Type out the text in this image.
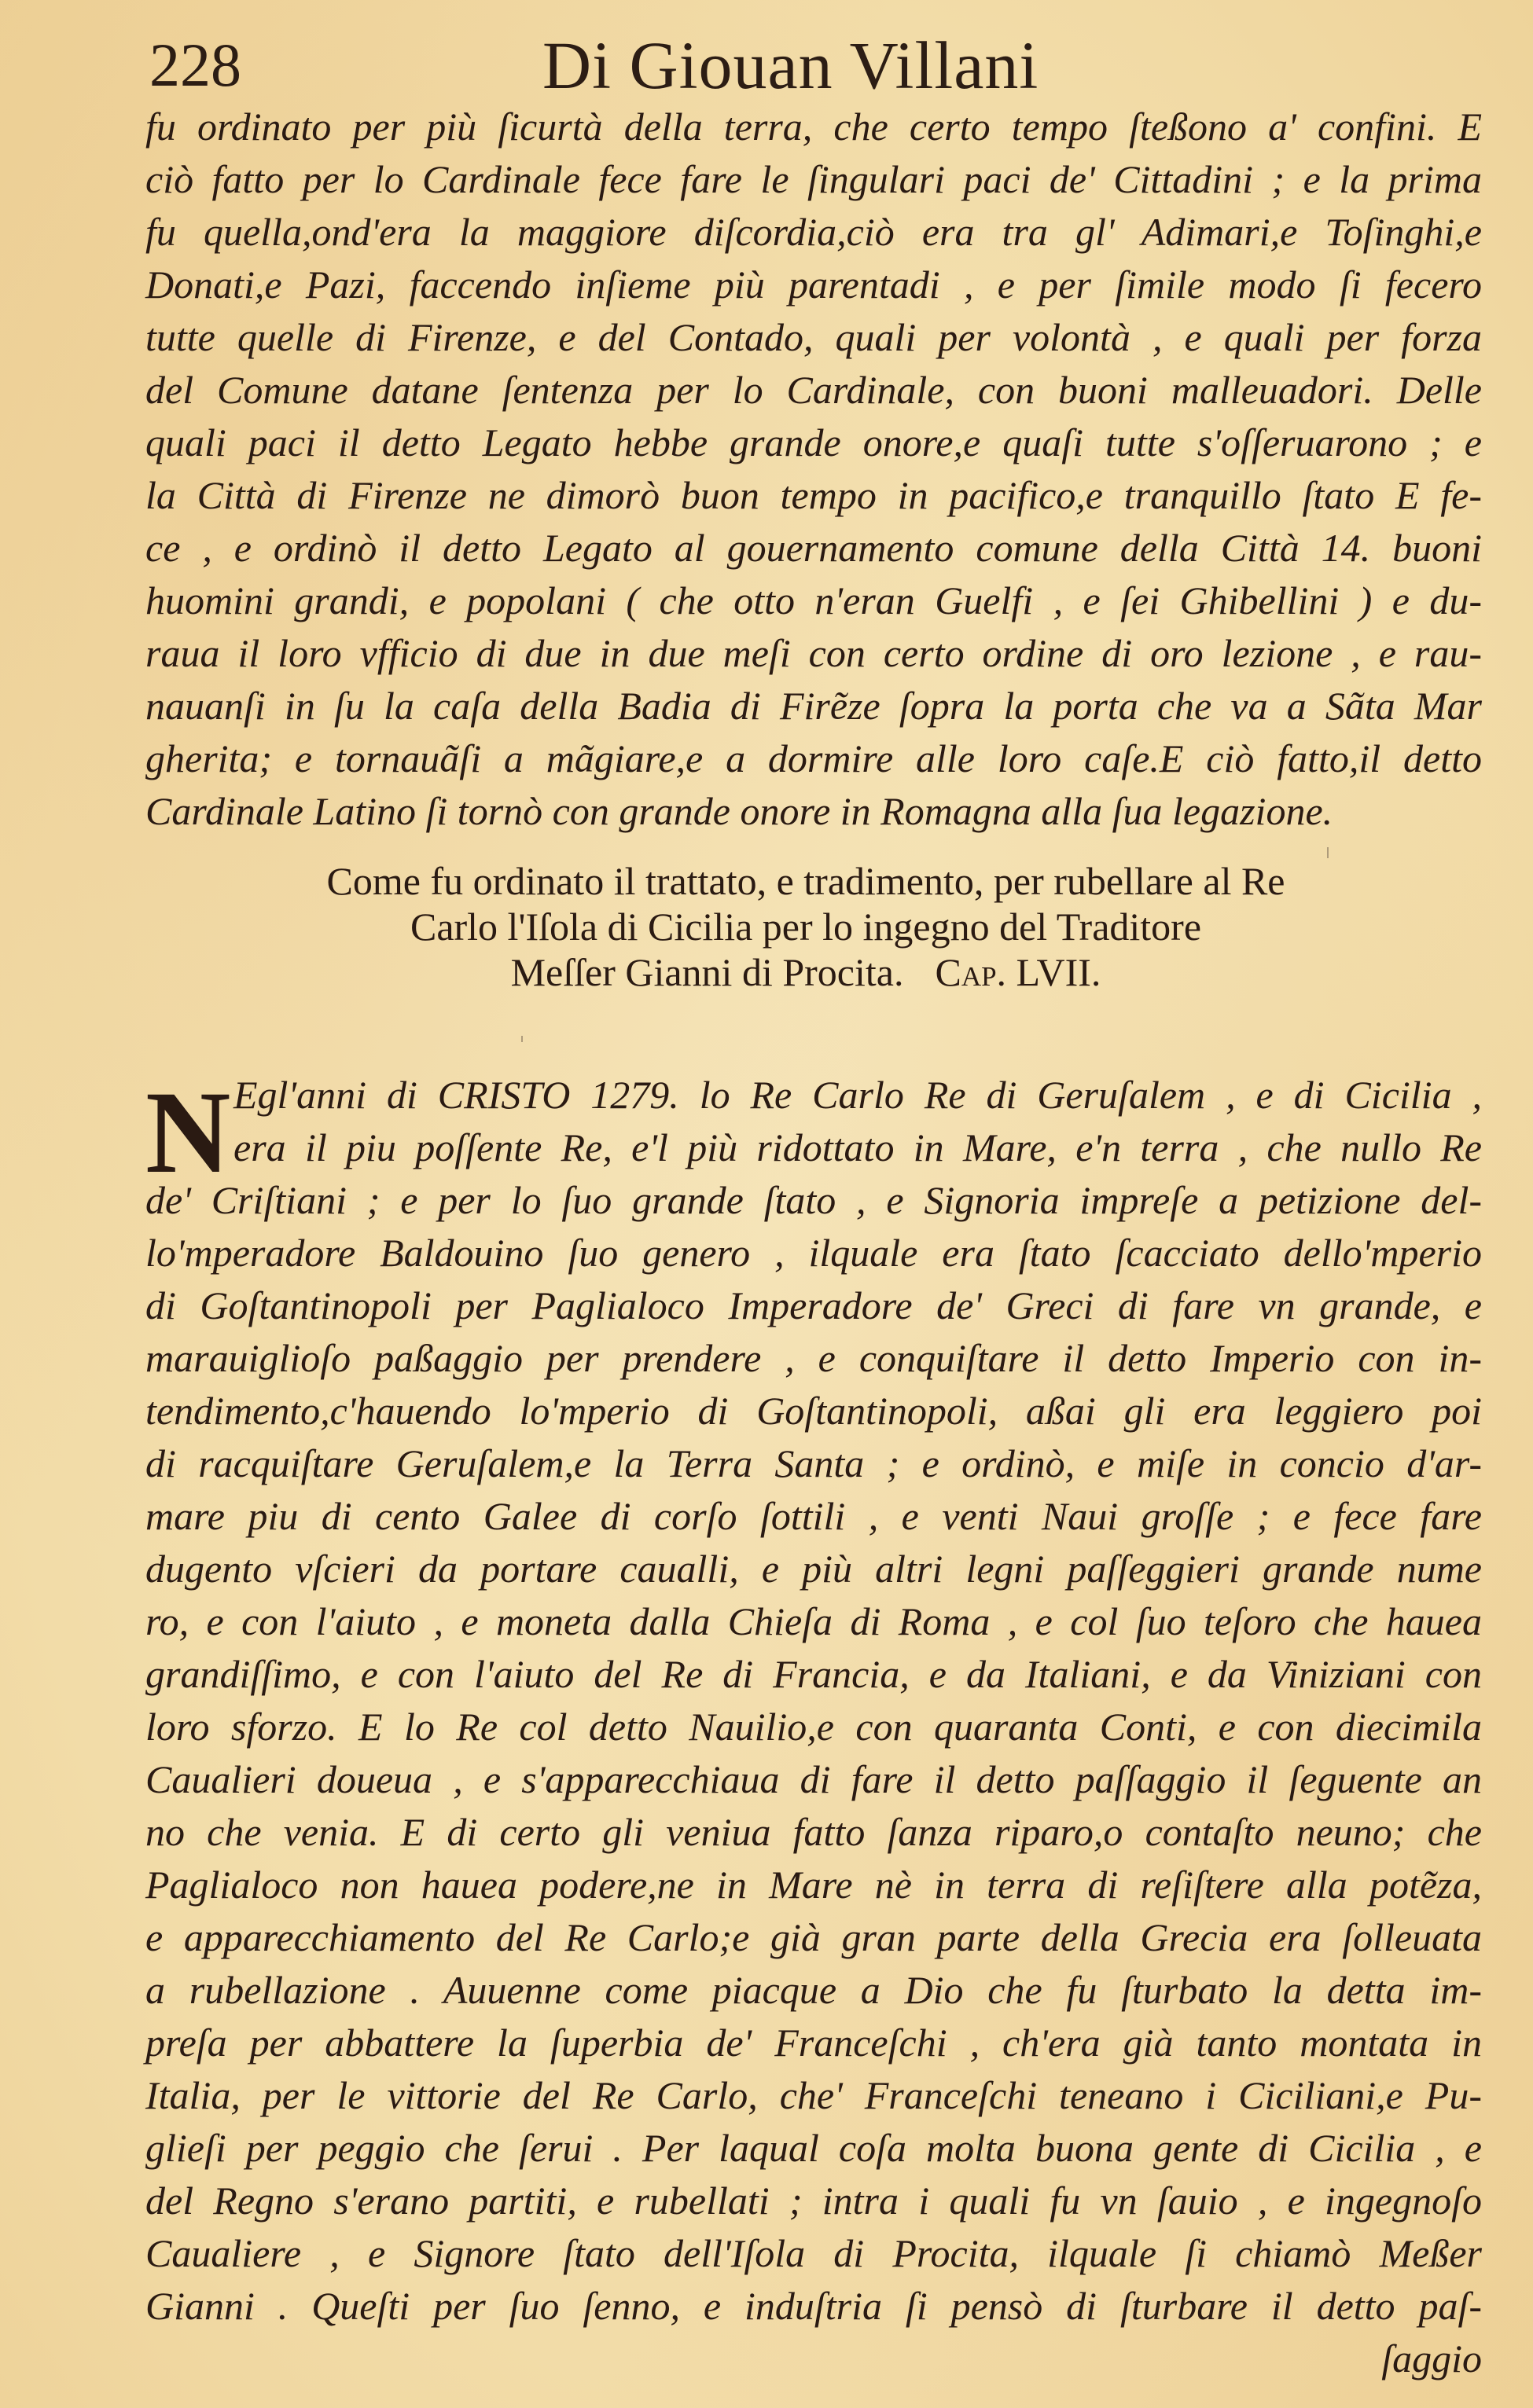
228	Di Giouan Villani
fu ordinato per più ſicurtà della terra, che certo tempo ſteßono a' confini. E
ciò fatto per lo Cardinale fece fare le ſingulari paci de' Cittadini ; e la prima
fu quella,ond'era la maggiore diſcordia,ciò era tra gl' Adimari,e Toſinghi,e
Donati,e Pazi, faccendo inſieme più parentadi , e per ſimile modo ſi fecero
tutte quelle di Firenze, e del Contado, quali per volontà , e quali per forza
del Comune datane ſentenza per lo Cardinale, con buoni malleuadori. Delle
quali paci il detto Legato hebbe grande onore,e quaſi tutte s'oſſeruarono ; e
la Città di Firenze ne dimorò buon tempo in pacifico,e tranquillo ſtato E fe-
ce , e ordinò il detto Legato al gouernamento comune della Città 14. buoni
huomini grandi, e popolani ( che otto n'eran Guelfi , e ſei Ghibellini ) e du-
raua il loro vfficio di due in due meſi con certo ordine di oro lezione , e rau-
nauanſi in ſu la caſa della Badia di Firẽze ſopra la porta che va a Sãta Mar
gherita; e tornauãſi a mãgiare,e a dormire alle loro caſe.E ciò fatto,il detto
Cardinale Latino ſi tornò con grande onore in Romagna alla ſua legazione.
Come fu ordinato il trattato, e tradimento, per rubellare al Re
Carlo l'Iſola di Cicilia per lo ingegno del Traditore
Meſſer Gianni di Procita. Cap. LVII.
N Egl'anni di CRISTO 1279. lo Re Carlo Re di Geruſalem , e di Cicilia ,
era il piu poſſente Re, e'l più ridottato in Mare, e'n terra , che nullo Re
de' Criſtiani ; e per lo ſuo grande ſtato , e Signoria impreſe a petizione del-
lo'mperadore Baldouino ſuo genero , ilquale era ſtato ſcacciato dello'mperio
di Goſtantinopoli per Paglialoco Imperadore de' Greci di fare vn grande, e
marauiglioſo paßaggio per prendere , e conquiſtare il detto Imperio con in-
tendimento,c'hauendo lo'mperio di Goſtantinopoli, aßai gli era leggiero poi
di racquiſtare Geruſalem,e la Terra Santa ; e ordinò, e miſe in concio d'ar-
mare piu di cento Galee di corſo ſottili , e venti Naui groſſe ; e fece fare
dugento vſcieri da portare caualli, e più altri legni paſſeggieri grande nume
ro, e con l'aiuto , e moneta dalla Chieſa di Roma , e col ſuo teſoro che hauea
grandiſſimo, e con l'aiuto del Re di Francia, e da Italiani, e da Viniziani con
loro sforzo. E lo Re col detto Nauilio,e con quaranta Conti, e con diecimila
Caualieri doueua , e s'apparecchiaua di fare il detto paſſaggio il ſeguente an
no che venia. E di certo gli veniua fatto ſanza riparo,o contaſto neuno; che
Paglialoco non hauea podere,ne in Mare nè in terra di reſiſtere alla potẽza,
e apparecchiamento del Re Carlo;e già gran parte della Grecia era ſolleuata
a rubellazione . Auuenne come piacque a Dio che fu ſturbato la detta im-
preſa per abbattere la ſuperbia de' Franceſchi , ch'era già tanto montata in
Italia, per le vittorie del Re Carlo, che' Franceſchi teneano i Ciciliani,e Pu-
glieſi per peggio che ſerui . Per laqual coſa molta buona gente di Cicilia , e
del Regno s'erano partiti, e rubellati ; intra i quali fu vn ſauio , e ingegnoſo
Caualiere , e Signore ſtato dell'Iſola di Procita, ilquale ſi chiamò Meßer
Gianni . Queſti per ſuo ſenno, e induſtria ſi pensò di ſturbare il detto paſ-
ſaggio
